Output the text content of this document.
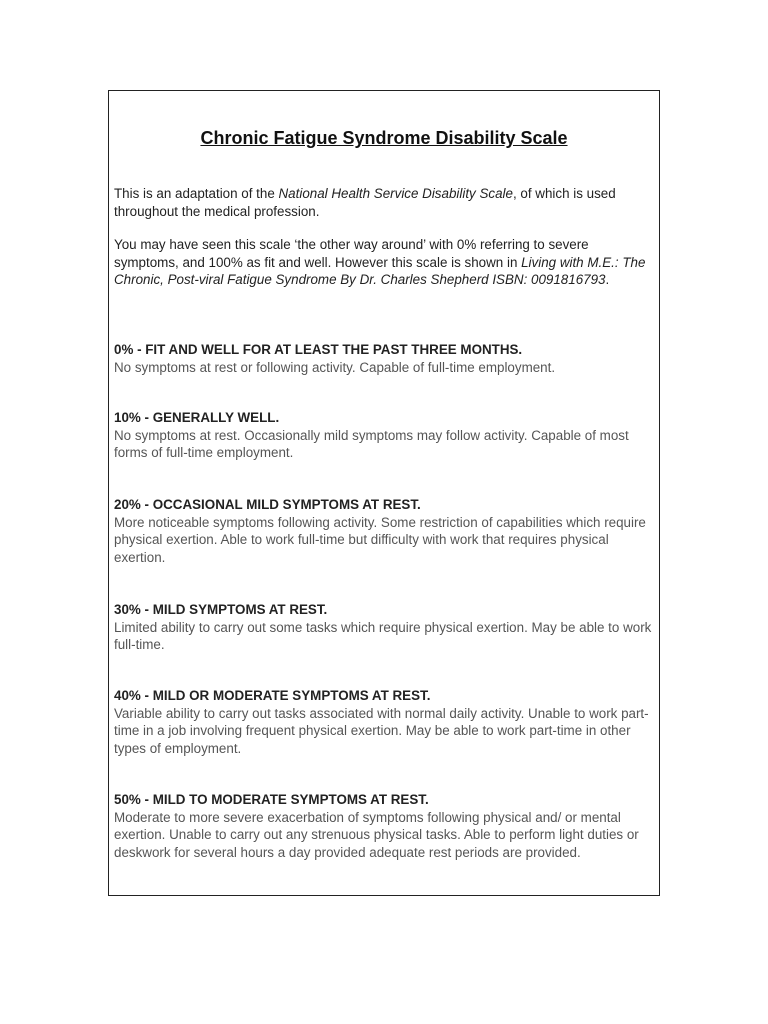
Chronic Fatigue Syndrome Disability Scale

This is an adaptation of the National Health Service Disability Scale, of which is used throughout the medical profession.

You may have seen this scale ‘the other way around’ with 0% referring to severe symptoms, and 100% as fit and well. However this scale is shown in Living with M.E.: The Chronic, Post-viral Fatigue Syndrome By Dr. Charles Shepherd ISBN: 0091816793.

0% - FIT AND WELL FOR AT LEAST THE PAST THREE MONTHS.

No symptoms at rest or following activity. Capable of full-time employment.

10% - GENERALLY WELL.

No symptoms at rest. Occasionally mild symptoms may follow activity. Capable of most forms of full-time employment.

20% - OCCASIONAL MILD SYMPTOMS AT REST.

More noticeable symptoms following activity. Some restriction of capabilities which require physical exertion. Able to work full-time but difficulty with work that requires physical exertion.

30% - MILD SYMPTOMS AT REST.

Limited ability to carry out some tasks which require physical exertion. May be able to work full-time.

40% - MILD OR MODERATE SYMPTOMS AT REST.

Variable ability to carry out tasks associated with normal daily activity. Unable to work part-time in a job involving frequent physical exertion. May be able to work part-time in other types of employment.

50% - MILD TO MODERATE SYMPTOMS AT REST.

Moderate to more severe exacerbation of symptoms following physical and/ or mental exertion. Unable to carry out any strenuous physical tasks. Able to perform light duties or deskwork for several hours a day provided adequate rest periods are provided.
